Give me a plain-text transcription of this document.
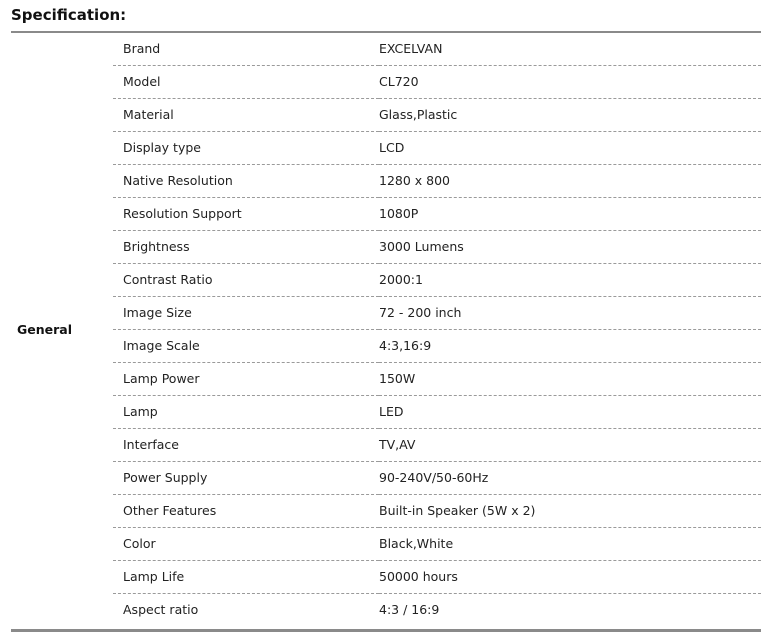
Specification:
General
Brand	EXCELVAN
Model	CL720
Material	Glass,Plastic
Display type	LCD
Native Resolution	1280 x 800
Resolution Support	1080P
Brightness	3000 Lumens
Contrast Ratio	2000:1
Image Size	72 - 200 inch
Image Scale	4:3,16:9
Lamp Power	150W
Lamp	LED
Interface	TV,AV
Power Supply	90-240V/50-60Hz
Other Features	Built-in Speaker (5W x 2)
Color	Black,White
Lamp Life	50000 hours
Aspect ratio	4:3 / 16:9
